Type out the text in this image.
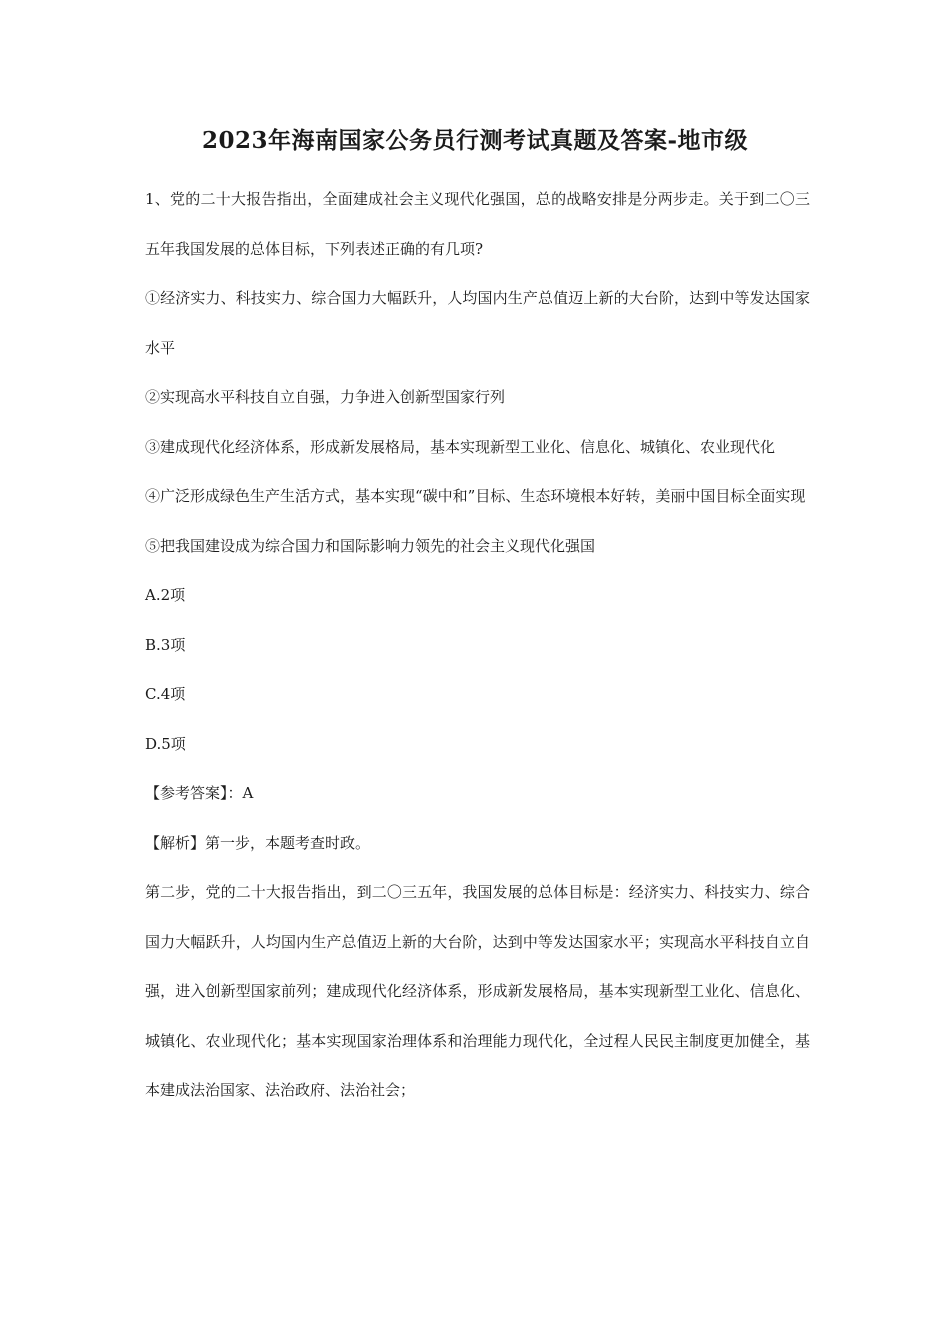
2023年海南国家公务员行测考试真题及答案-地市级

1、党的二十大报告指出，全面建成社会主义现代化强国，总的战略安排是分两步走。关于到二〇三五年我国发展的总体目标，下列表述正确的有几项?

①经济实力、科技实力、综合国力大幅跃升，人均国内生产总值迈上新的大台阶，达到中等发达国家水平

②实现高水平科技自立自强，力争进入创新型国家行列

③建成现代化经济体系，形成新发展格局，基本实现新型工业化、信息化、城镇化、农业现代化

④广泛形成绿色生产生活方式，基本实现“碳中和”目标、生态环境根本好转，美丽中国目标全面实现

⑤把我国建设成为综合国力和国际影响力领先的社会主义现代化强国

A.2项

B.3项

C.4项

D.5项

【参考答案】：A

【解析】第一步，本题考查时政。

第二步，党的二十大报告指出，到二〇三五年，我国发展的总体目标是：经济实力、科技实力、综合国力大幅跃升，人均国内生产总值迈上新的大台阶，达到中等发达国家水平；实现高水平科技自立自强，进入创新型国家前列；建成现代化经济体系，形成新发展格局，基本实现新型工业化、信息化、城镇化、农业现代化；基本实现国家治理体系和治理能力现代化，全过程人民民主制度更加健全，基本建成法治国家、法治政府、法治社会；
